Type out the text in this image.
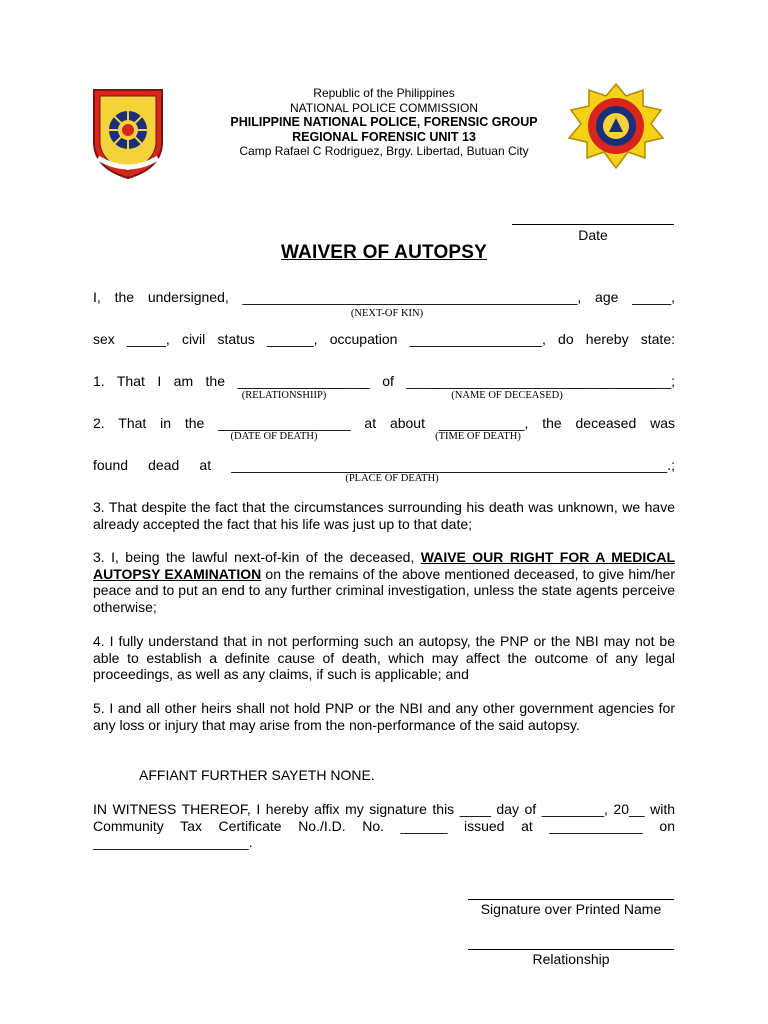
Republic of the Philippines
NATIONAL POLICE COMMISSION
PHILIPPINE NATIONAL POLICE, FORENSIC GROUP
REGIONAL FORENSIC UNIT 13
Camp Rafael C Rodriguez, Brgy. Libertad, Butuan City
Date
WAIVER OF AUTOPSY
I, the undersigned, ___________________________________________, age _____,
(NEXT-OF KIN)
sex _____, civil status ______, occupation _________________, do hereby state:
1. That I am the _________________ of __________________________________;
(RELATIONSHIIP)	(NAME OF DECEASED)
2. That in the _________________ at about ___________, the deceased was
(DATE OF DEATH)	(TIME OF DEATH)
found dead at ________________________________________________________.;
(PLACE OF DEATH)
3. That despite the fact that the circumstances surrounding his death was unknown, we have already accepted the fact that his life was just up to that date;
3. I, being the lawful next-of-kin of the deceased, WAIVE OUR RIGHT FOR A MEDICAL AUTOPSY EXAMINATION on the remains of the above mentioned deceased, to give him/her peace and to put an end to any further criminal investigation, unless the state agents perceive otherwise;
4. I fully understand that in not performing such an autopsy, the PNP or the NBI may not be able to establish a definite cause of death, which may affect the outcome of any legal proceedings, as well as any claims, if such is applicable; and
5. I and all other heirs shall not hold PNP or the NBI and any other government agencies for any loss or injury that may arise from the non-performance of the said autopsy.
AFFIANT FURTHER SAYETH NONE.
IN WITNESS THEREOF, I hereby affix my signature this ____ day of ________, 20__ with Community Tax Certificate No./I.D. No. ______ issued at ____________ on ____________________.
Signature over Printed Name
Relationship
